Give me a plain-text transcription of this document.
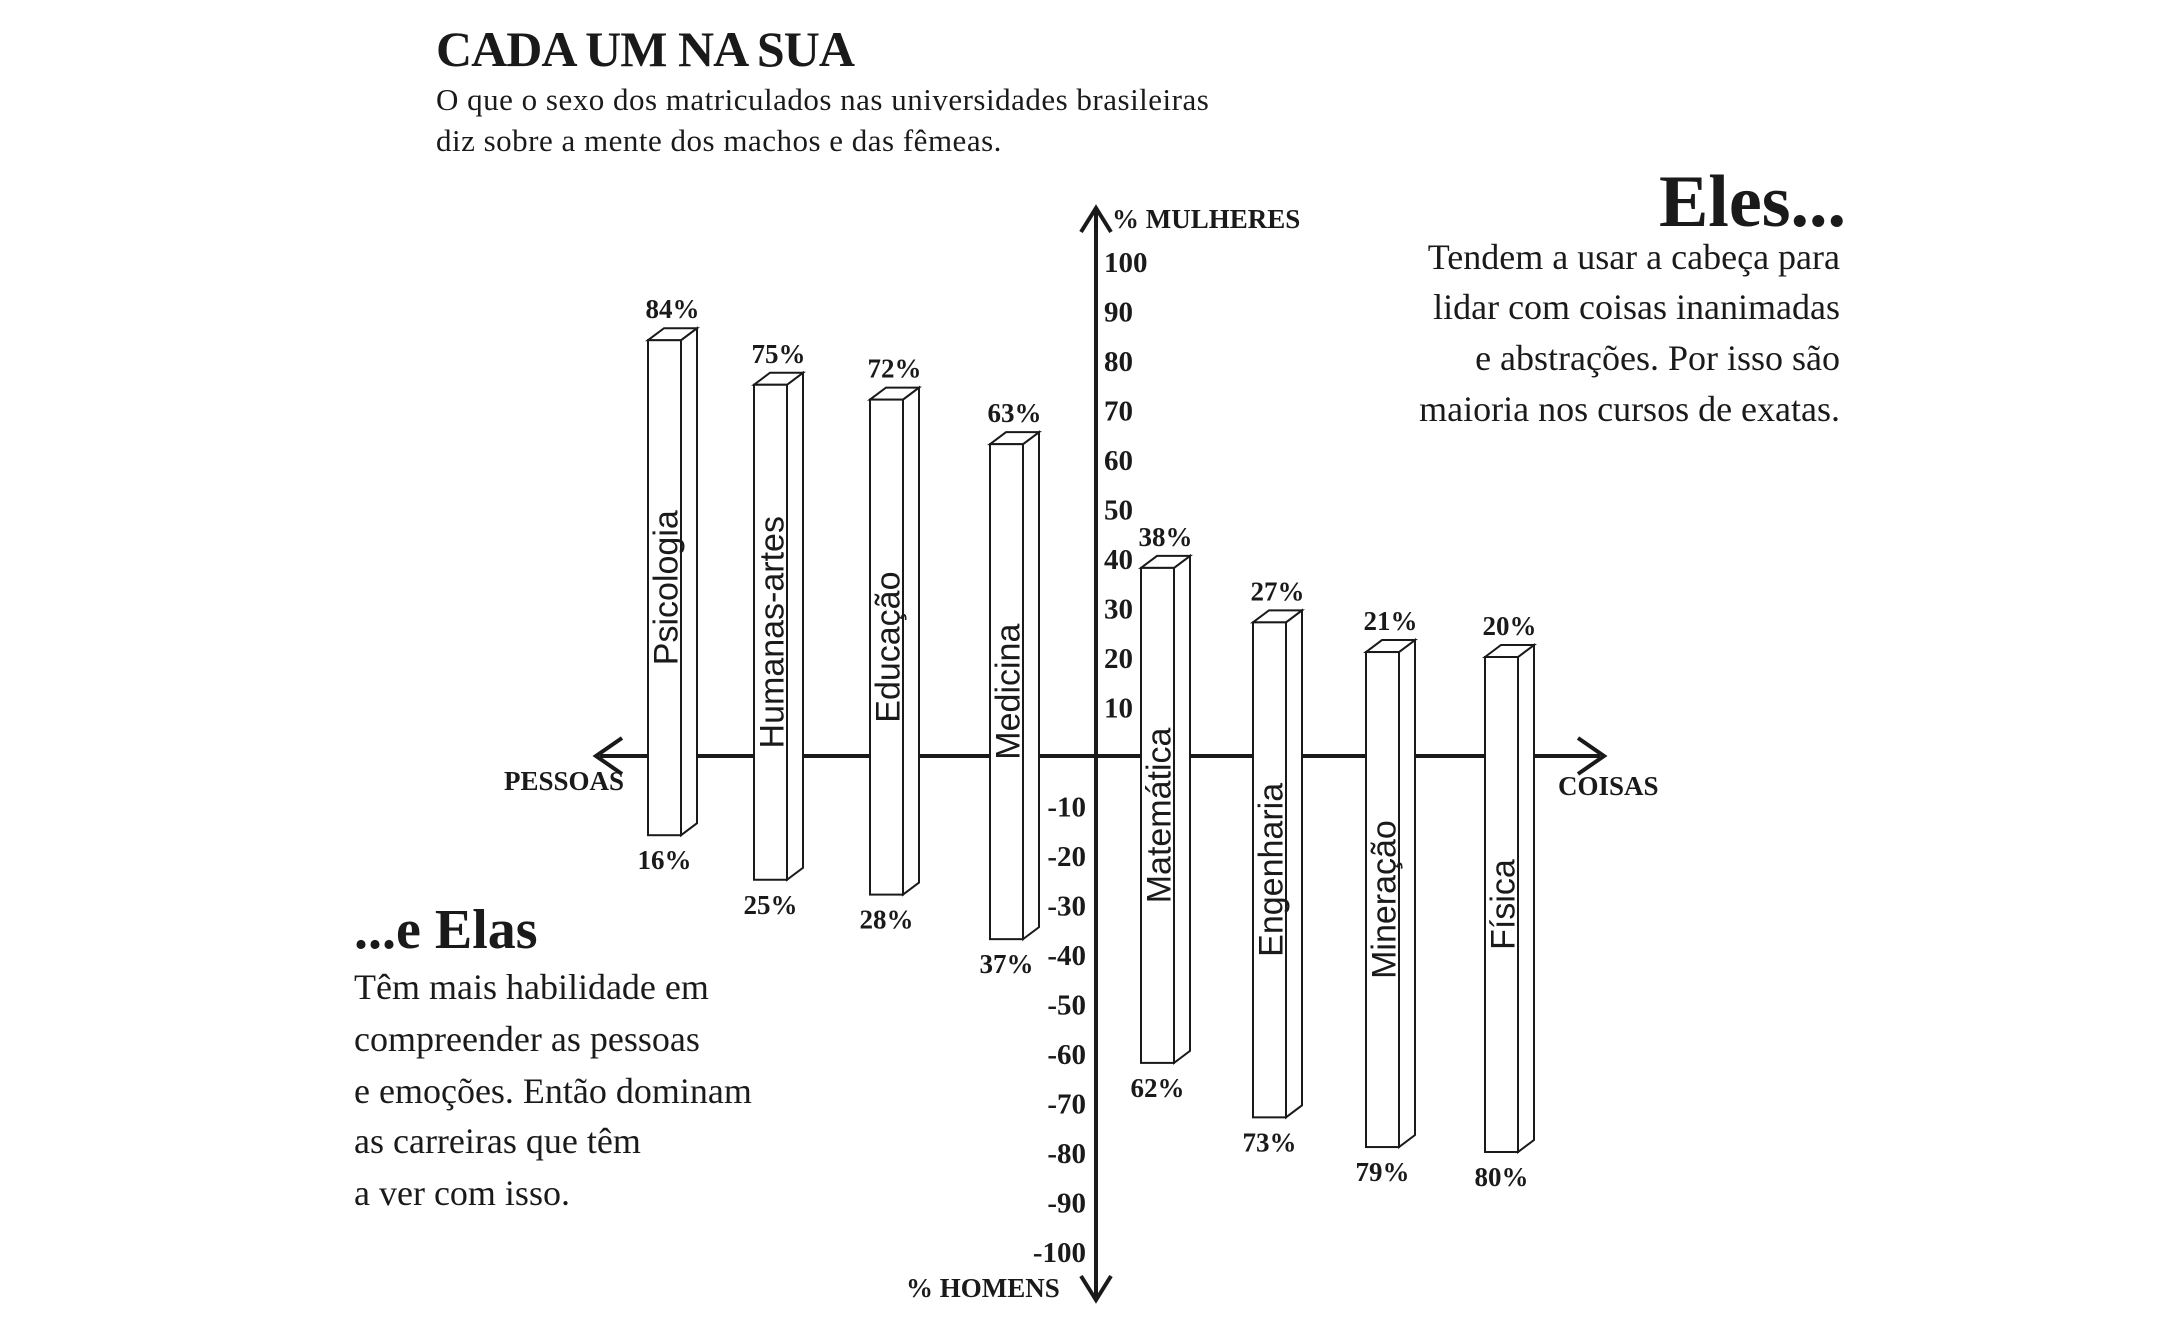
CADA UM NA SUA
O que o sexo dos matriculados nas universidades brasileiras
diz sobre a mente dos machos e das fêmeas.
Eles...
Tendem a usar a cabeça para
lidar com coisas inanimadas
e abstrações. Por isso são
maioria nos cursos de exatas.
...e Elas
Têm mais habilidade em
compreender as pessoas
e emoções. Então dominam
as carreiras que têm
a ver com isso.
PESSOAS	COISAS
% MULHERES
% HOMENS
100
90
80
70
60
50
40
30
20
10
-10
-20
-30
-40
-50
-60
-70
-80
-90
-100
Psicologia
84%
16%
Humanas-artes
75%
25%
Educação
72%
28%
Medicina
63%
37%
Matemática
38%
62%
Engenharia
27%
73%
Mineração
21%
79%
Física
20%
80%
